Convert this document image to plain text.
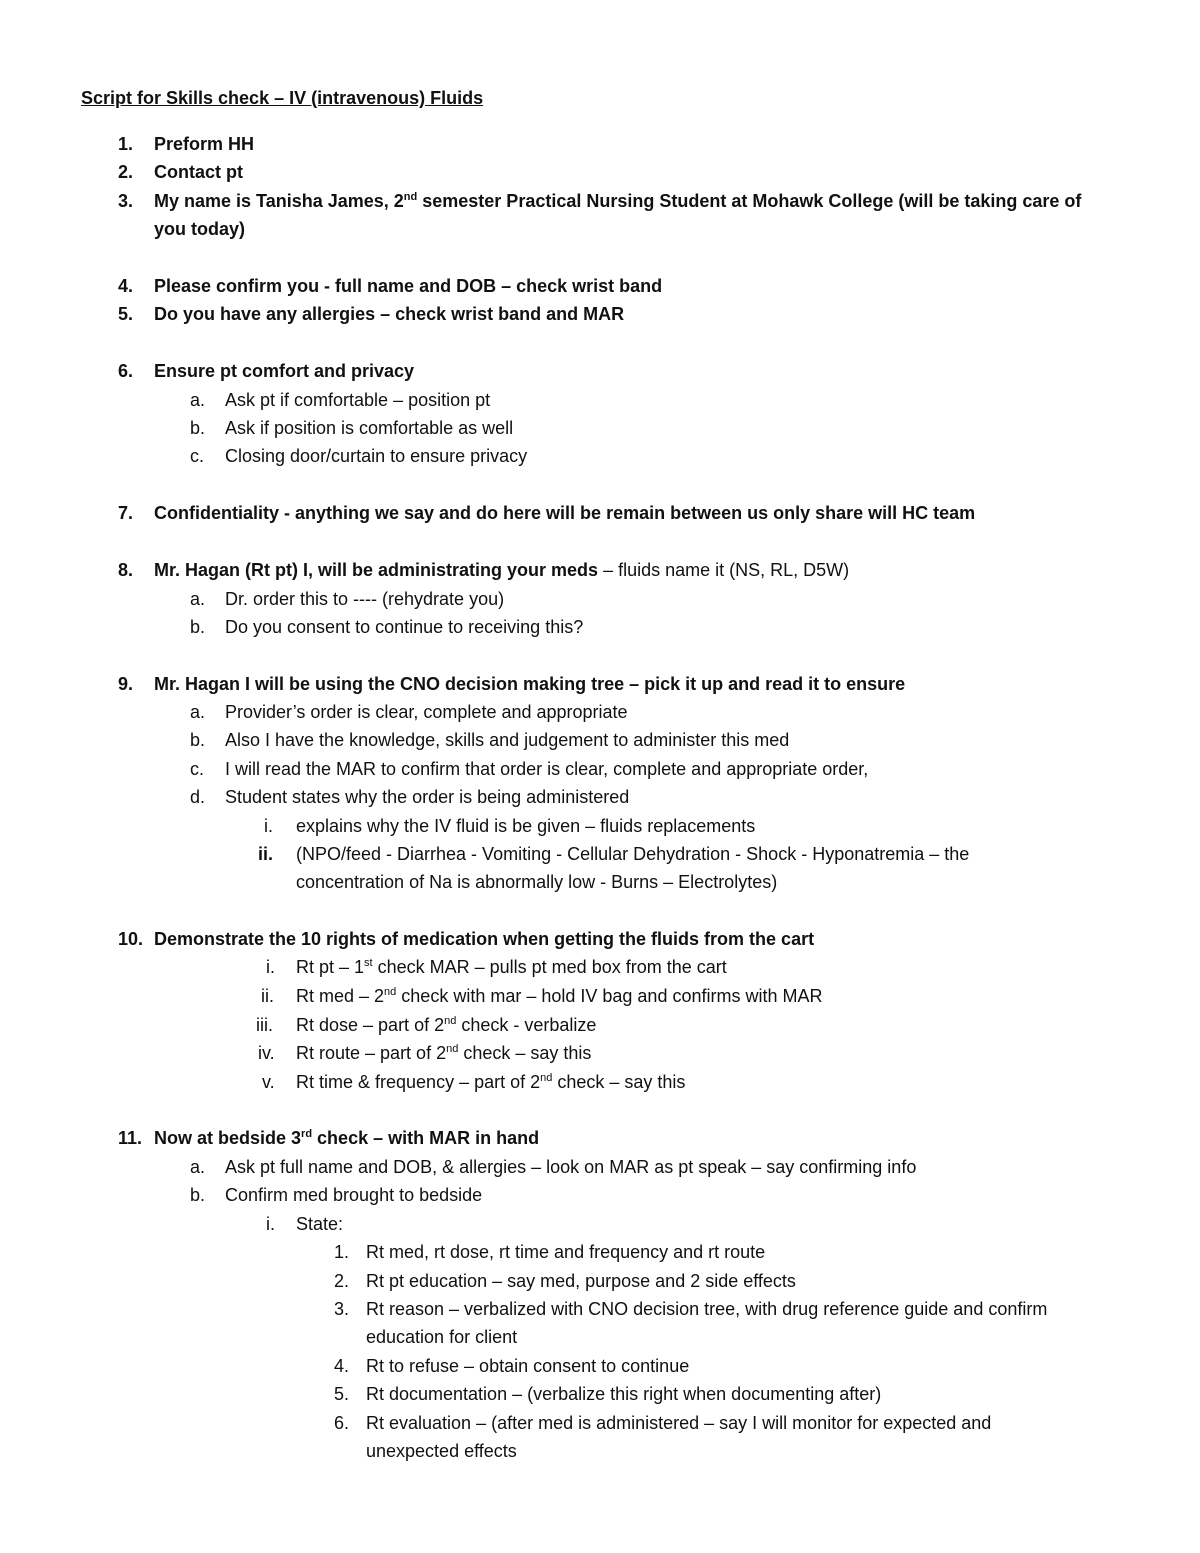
Script for Skills check – IV (intravenous) Fluids
1. Preform HH
2. Contact pt
3. My name is Tanisha James, 2nd semester Practical Nursing Student at Mohawk College (will be taking care of
you today)
4. Please confirm you - full name and DOB – check wrist band
5. Do you have any allergies – check wrist band and MAR
6. Ensure pt comfort and privacy
a. Ask pt if comfortable – position pt
b. Ask if position is comfortable as well
c. Closing door/curtain to ensure privacy
7. Confidentiality - anything we say and do here will be remain between us only share will HC team
8. Mr. Hagan (Rt pt) I, will be administrating your meds – fluids name it (NS, RL, D5W)
a. Dr. order this to ---- (rehydrate you)
b. Do you consent to continue to receiving this?
9. Mr. Hagan I will be using the CNO decision making tree – pick it up and read it to ensure
a. Provider’s order is clear, complete and appropriate
b. Also I have the knowledge, skills and judgement to administer this med
c. I will read the MAR to confirm that order is clear, complete and appropriate order,
d. Student states why the order is being administered
i. explains why the IV fluid is be given – fluids replacements
ii. (NPO/feed - Diarrhea - Vomiting - Cellular Dehydration - Shock - Hyponatremia – the
concentration of Na is abnormally low - Burns – Electrolytes)
10. Demonstrate the 10 rights of medication when getting the fluids from the cart
i. Rt pt – 1st check MAR – pulls pt med box from the cart
ii. Rt med – 2nd check with mar – hold IV bag and confirms with MAR
iii. Rt dose – part of 2nd check - verbalize
iv. Rt route – part of 2nd check – say this
v. Rt time & frequency – part of 2nd check – say this
11. Now at bedside 3rd check – with MAR in hand
a. Ask pt full name and DOB, & allergies – look on MAR as pt speak – say confirming info
b. Confirm med brought to bedside
i. State:
1. Rt med, rt dose, rt time and frequency and rt route
2. Rt pt education – say med, purpose and 2 side effects
3. Rt reason – verbalized with CNO decision tree, with drug reference guide and confirm
education for client
4. Rt to refuse – obtain consent to continue
5. Rt documentation – (verbalize this right when documenting after)
6. Rt evaluation – (after med is administered – say I will monitor for expected and
unexpected effects
